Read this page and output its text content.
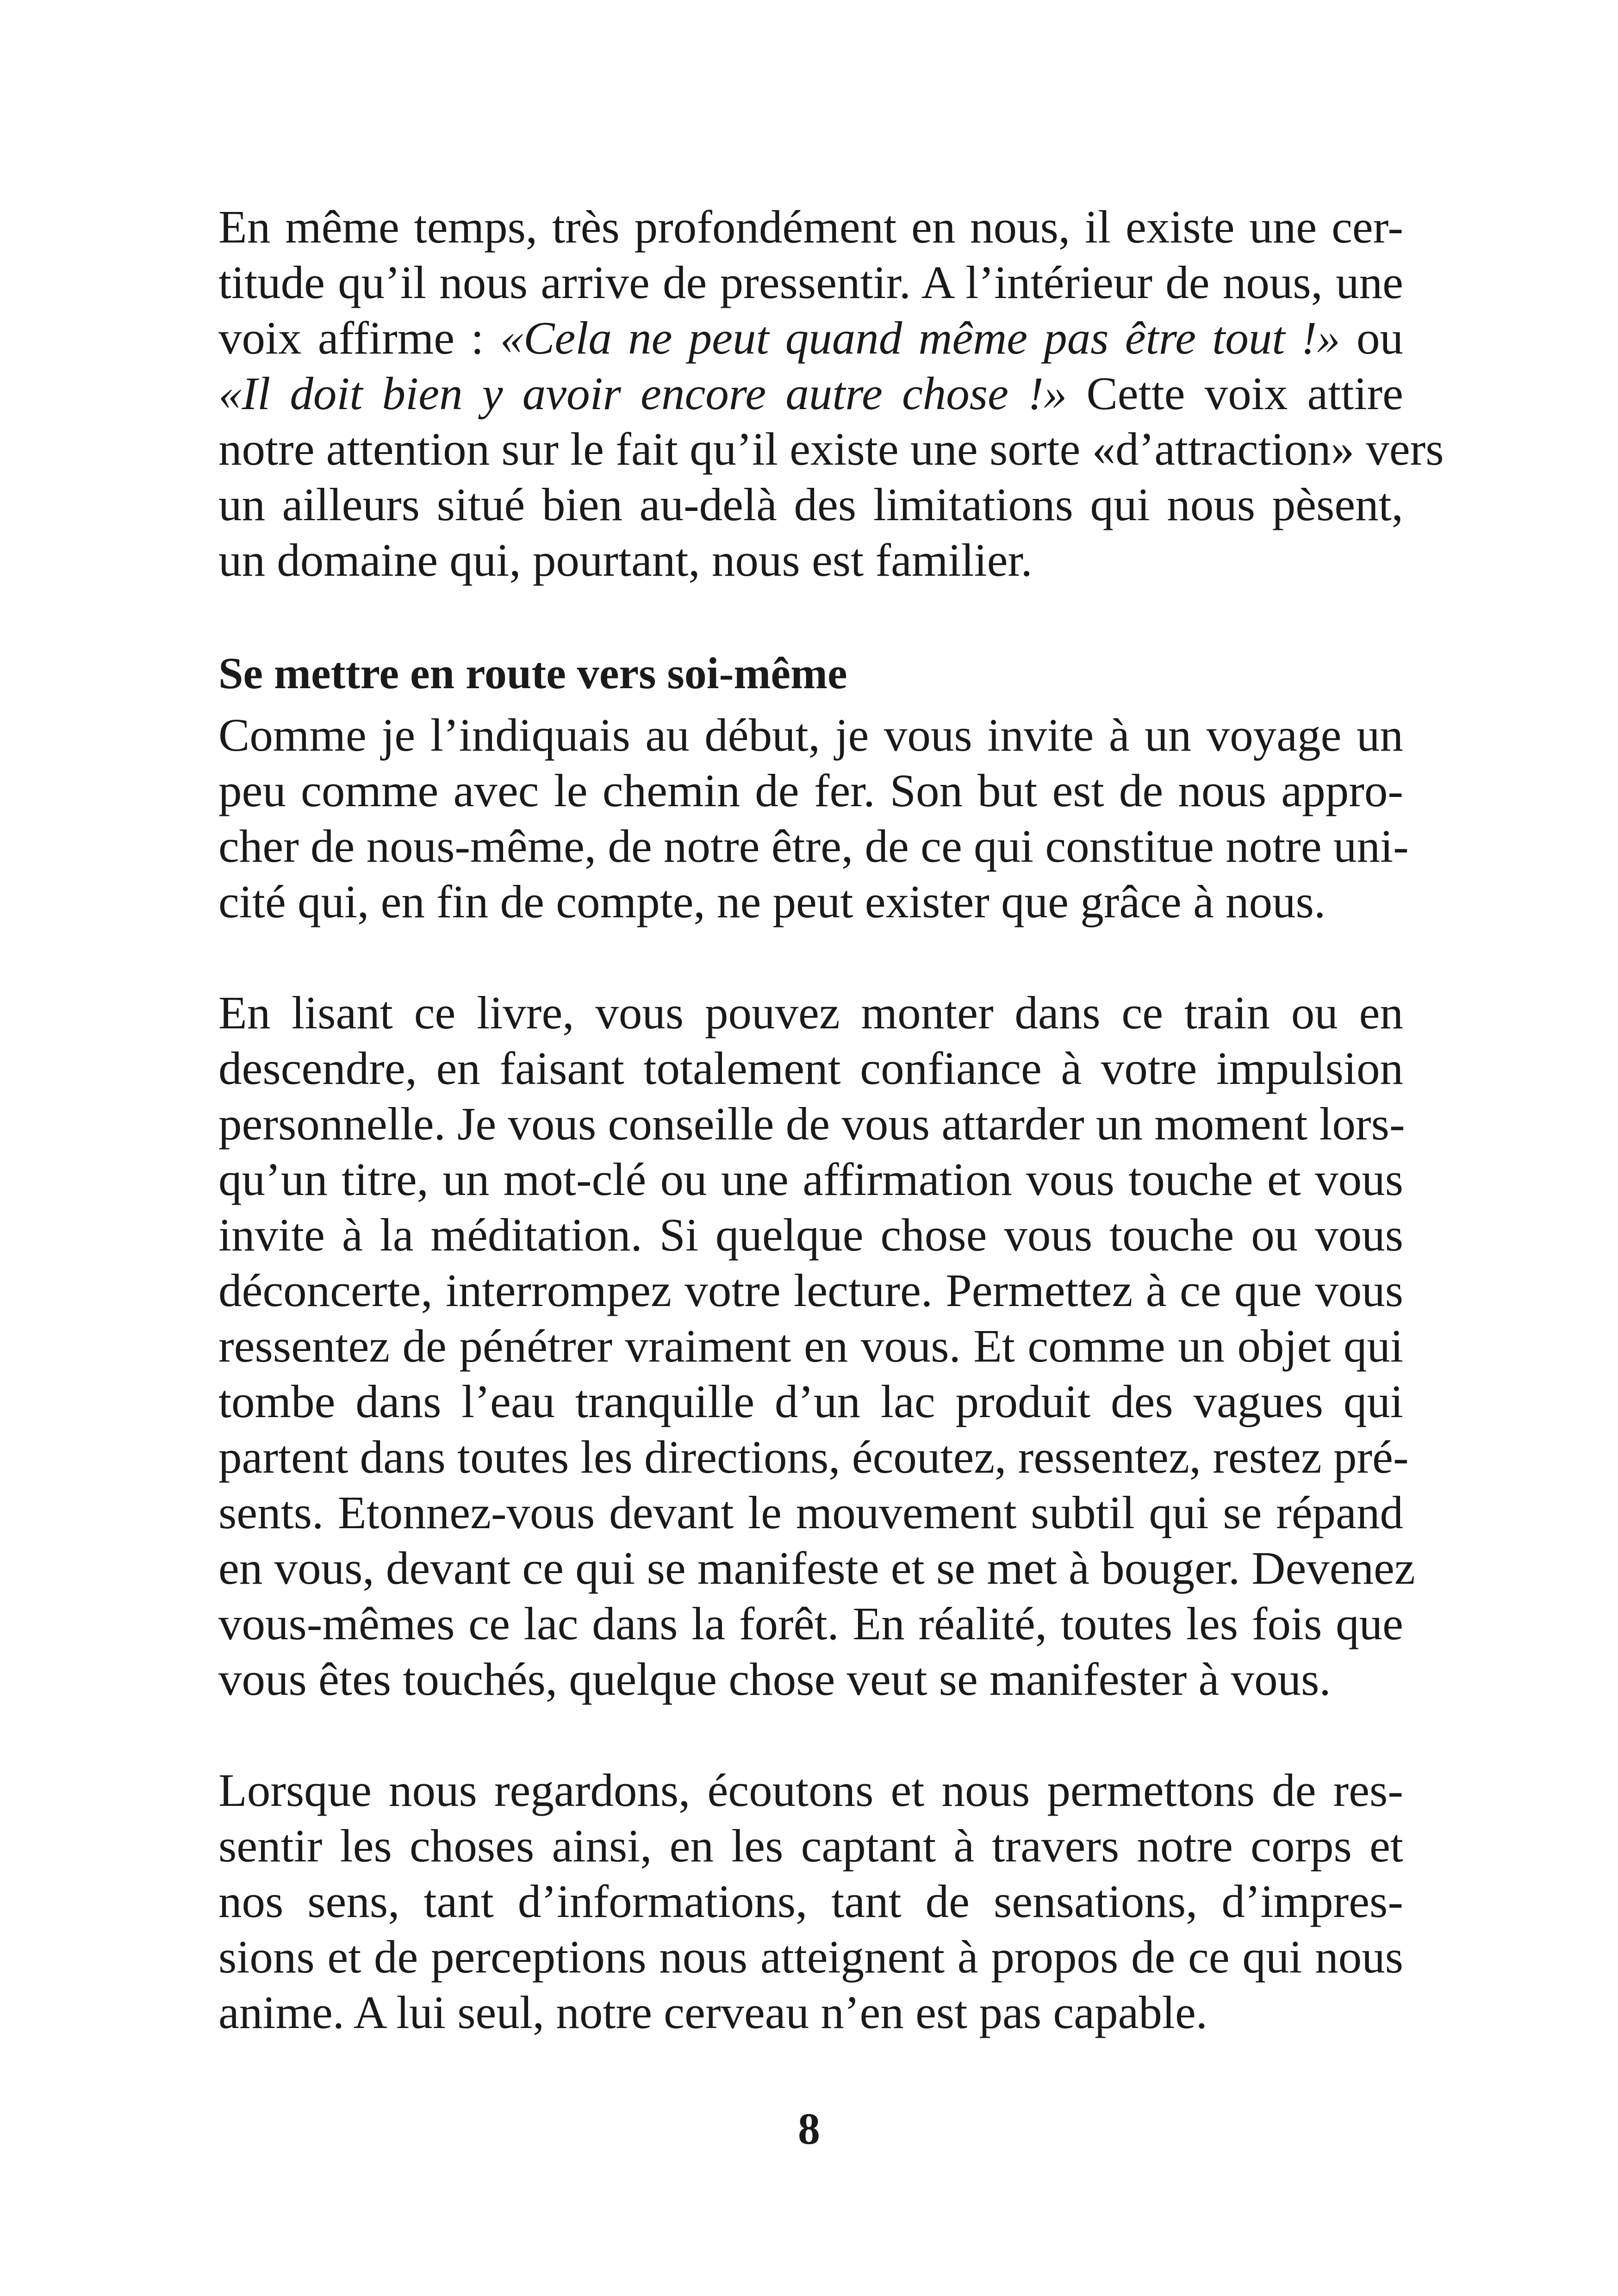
En même temps, très profondément en nous, il existe une cer-
titude qu’il nous arrive de pressentir. A l’intérieur de nous, une
voix affirme : «Cela ne peut quand même pas être tout !» ou
«Il doit bien y avoir encore autre chose !» Cette voix attire
notre attention sur le fait qu’il existe une sorte «d’attraction» vers
un ailleurs situé bien au-delà des limitations qui nous pèsent,
un domaine qui, pourtant, nous est familier.
Se mettre en route vers soi-même
Comme je l’indiquais au début, je vous invite à un voyage un
peu comme avec le chemin de fer. Son but est de nous appro-
cher de nous-même, de notre être, de ce qui constitue notre uni-
cité qui, en fin de compte, ne peut exister que grâce à nous.
En lisant ce livre, vous pouvez monter dans ce train ou en
descendre, en faisant totalement confiance à votre impulsion
personnelle. Je vous conseille de vous attarder un moment lors-
qu’un titre, un mot-clé ou une affirmation vous touche et vous
invite à la méditation. Si quelque chose vous touche ou vous
déconcerte, interrompez votre lecture. Permettez à ce que vous
ressentez de pénétrer vraiment en vous. Et comme un objet qui
tombe dans l’eau tranquille d’un lac produit des vagues qui
partent dans toutes les directions, écoutez, ressentez, restez pré-
sents. Etonnez-vous devant le mouvement subtil qui se répand
en vous, devant ce qui se manifeste et se met à bouger. Devenez
vous-mêmes ce lac dans la forêt. En réalité, toutes les fois que
vous êtes touchés, quelque chose veut se manifester à vous.
Lorsque nous regardons, écoutons et nous permettons de res-
sentir les choses ainsi, en les captant à travers notre corps et
nos sens, tant d’informations, tant de sensations, d’impres-
sions et de perceptions nous atteignent à propos de ce qui nous
anime. A lui seul, notre cerveau n’en est pas capable.
8
